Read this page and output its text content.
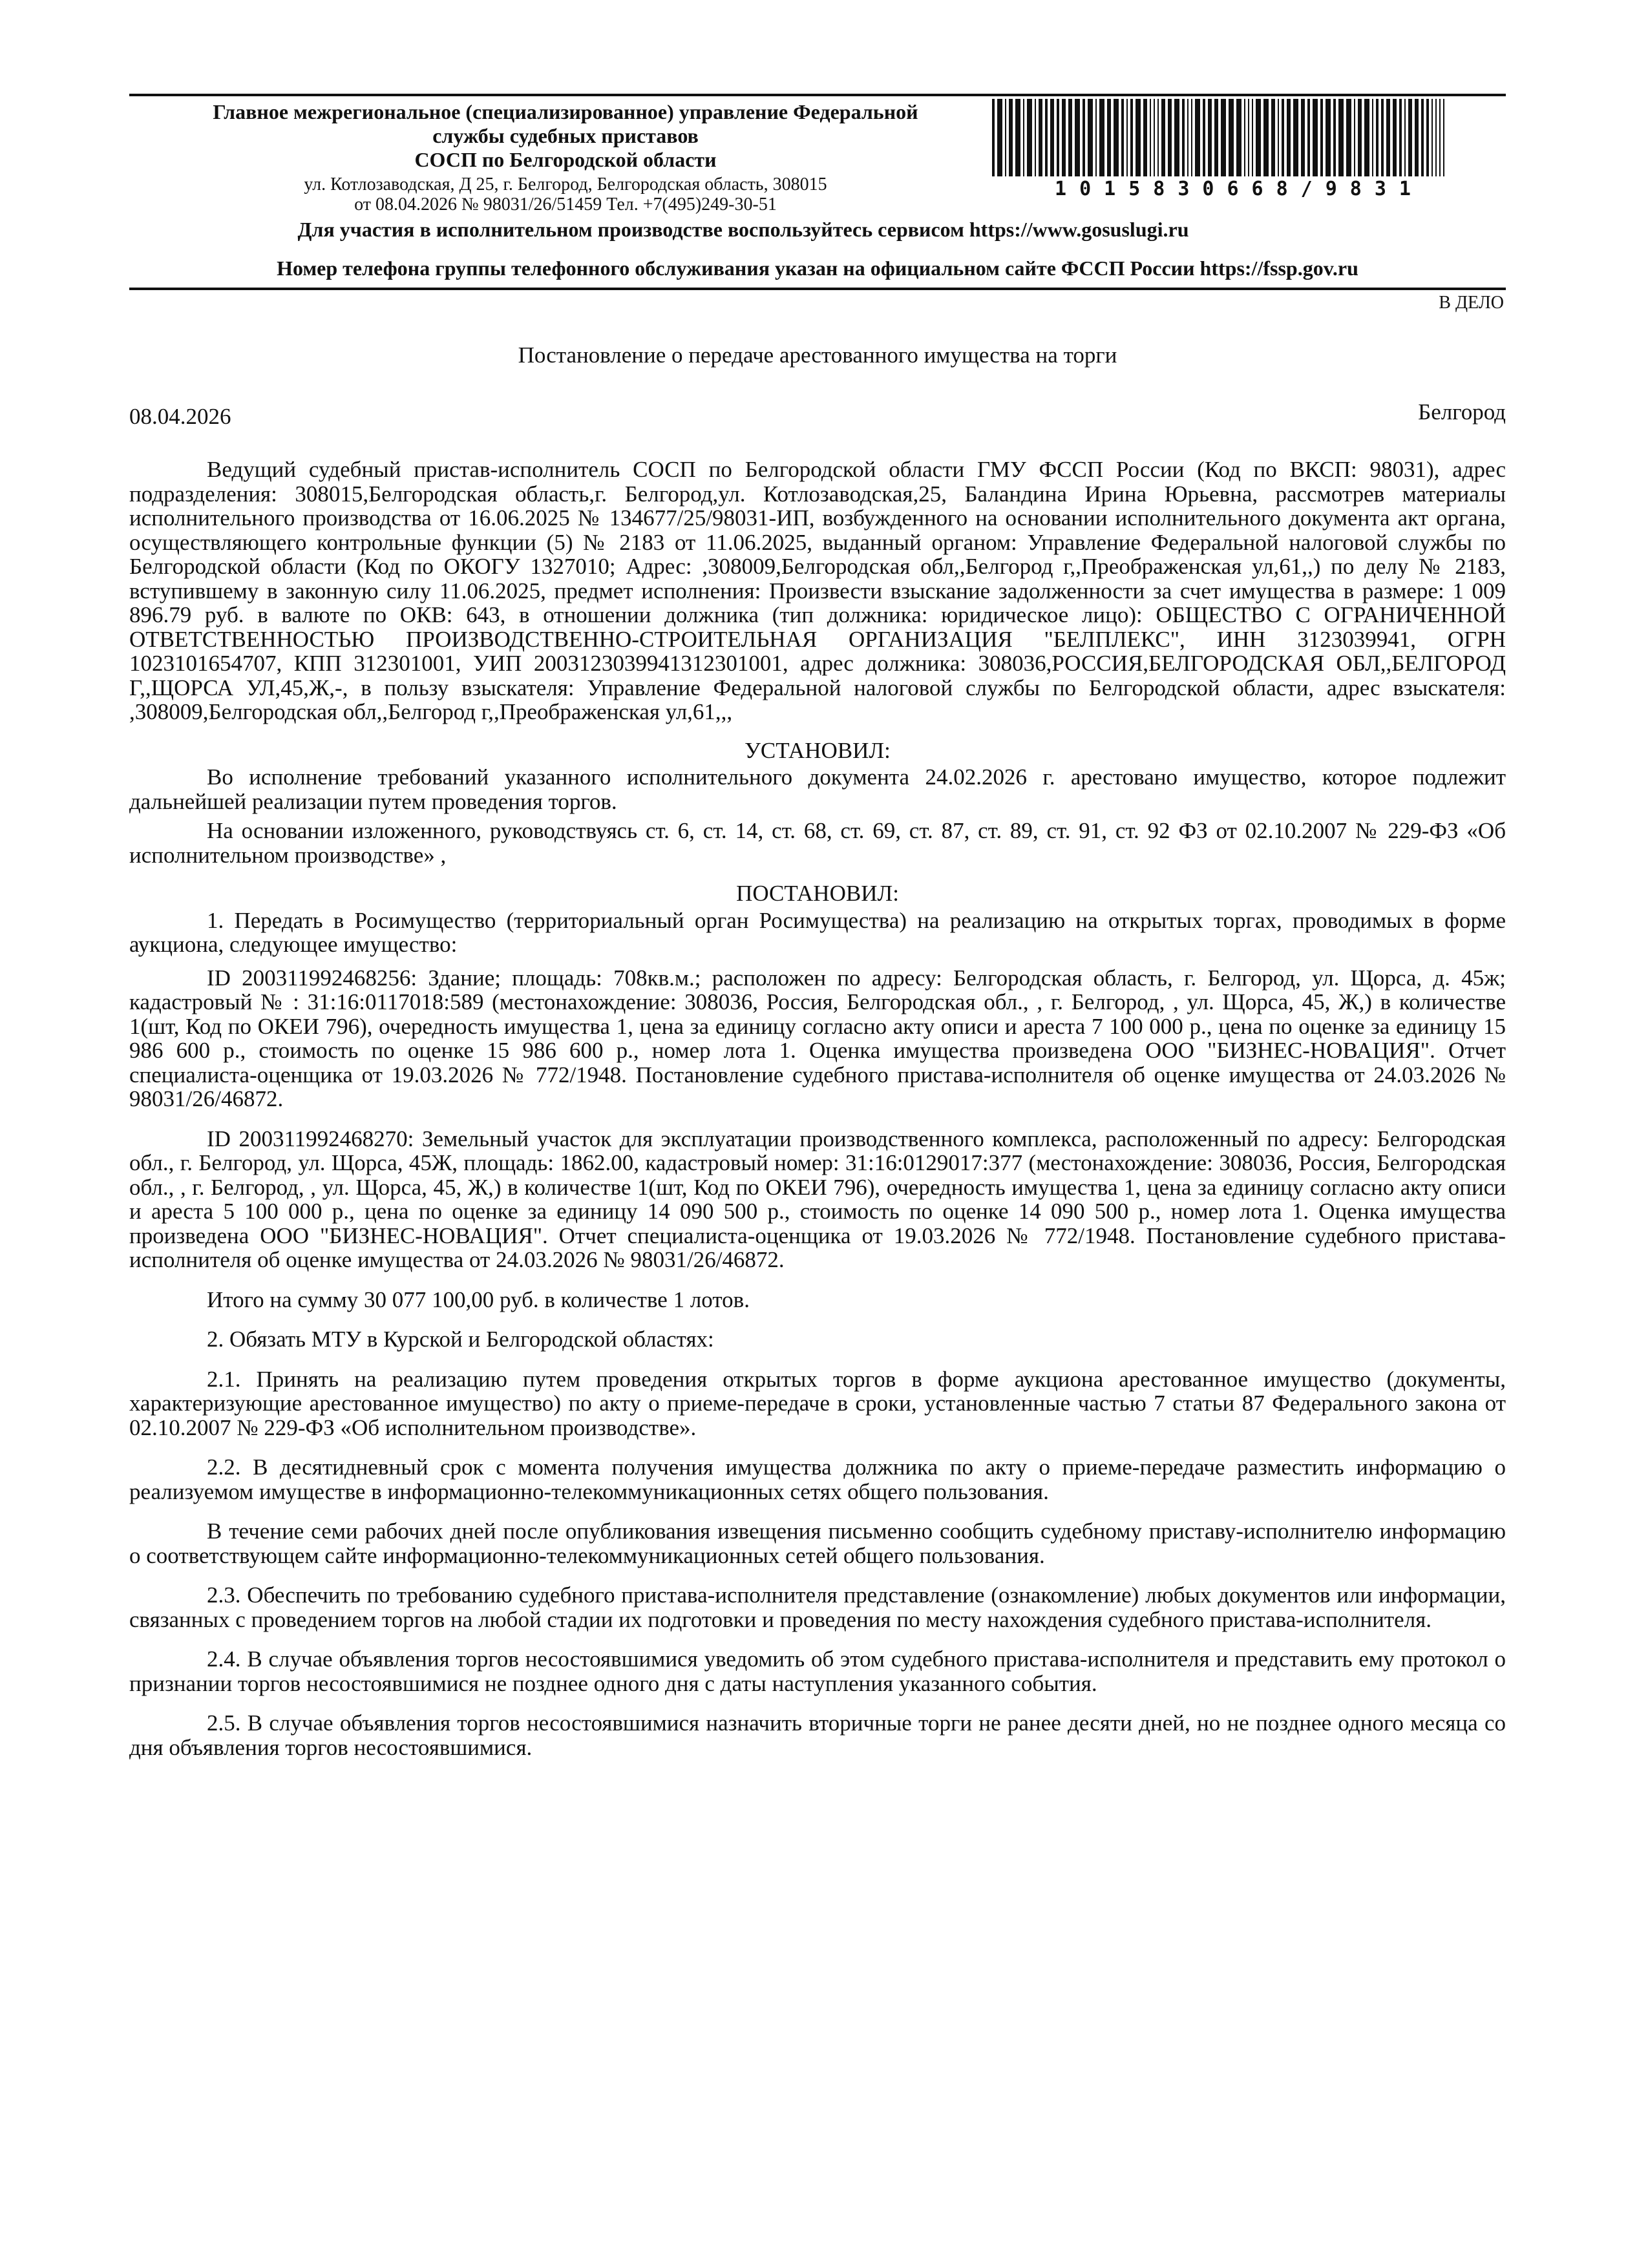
Главное межрегиональное (специализированное) управление Федеральной
службы судебных приставов
СОСП по Белгородской области
ул. Котлозаводская, Д 25, г. Белгород, Белгородская область, 308015
от 08.04.2026 № 98031/26/51459 Тел. +7(495)249-30-51
1015830668/9831
Для участия в исполнительном производстве воспользуйтесь сервисом https://www.gosuslugi.ru
Номер телефона группы телефонного обслуживания указан на официальном сайте ФССП России https://fssp.gov.ru
В ДЕЛО
Постановление о передаче арестованного имущества на торги
08.04.2026	Белгород

Ведущий судебный пристав-исполнитель СОСП по Белгородской области ГМУ ФССП России (Код по ВКСП: 98031), адрес подразделения: 308015,Белгородская область,г. Белгород,ул. Котлозаводская,25, Баландина Ирина Юрьевна, рассмотрев материалы исполнительного производства от 16.06.2025 № 134677/25/98031-ИП, возбужденного на основании исполнительного документа акт органа, осуществляющего контрольные функции (5) № 2183 от 11.06.2025, выданный органом: Управление Федеральной налоговой службы по Белгородской области (Код по ОКОГУ 1327010; Адрес: ,308009,Белгородская обл,,Белгород г,,Преображенская ул,61,,) по делу № 2183, вступившему в законную силу 11.06.2025, предмет исполнения: Произвести взыскание задолженности за счет имущества в размере: 1 009 896.79 руб. в валюте по ОКВ: 643, в отношении должника (тип должника: юридическое лицо): ОБЩЕСТВО С ОГРАНИЧЕННОЙ ОТВЕТСТВЕННОСТЬЮ ПРОИЗВОДСТВЕННО-СТРОИТЕЛЬНАЯ ОРГАНИЗАЦИЯ "БЕЛПЛЕКС", ИНН 3123039941, ОГРН 1023101654707, КПП 312301001, УИП 2003123039941312301001, адрес должника: 308036,РОССИЯ,БЕЛГОРОДСКАЯ ОБЛ,,БЕЛГОРОД Г,,ЩОРСА УЛ,45,Ж,-, в пользу взыскателя: Управление Федеральной налоговой службы по Белгородской области, адрес взыскателя: ,308009,Белгородская обл,,Белгород г,,Преображенская ул,61,,,

УСТАНОВИЛ:

Во исполнение требований указанного исполнительного документа 24.02.2026 г. арестовано имущество, которое подлежит дальнейшей реализации путем проведения торгов.

На основании изложенного, руководствуясь ст. 6, ст. 14, ст. 68, ст. 69, ст. 87, ст. 89, ст. 91, ст. 92 ФЗ от 02.10.2007 № 229-ФЗ «Об исполнительном производстве» ,

ПОСТАНОВИЛ:

1. Передать в Росимущество (территориальный орган Росимущества) на реализацию на открытых торгах, проводимых в форме аукциона, следующее имущество:

ID 200311992468256: Здание; площадь: 708кв.м.; расположен по адресу: Белгородская область, г. Белгород, ул. Щорса, д. 45ж; кадастровый № : 31:16:0117018:589 (местонахождение: 308036, Россия, Белгородская обл., , г. Белгород, , ул. Щорса, 45, Ж,) в количестве 1(шт, Код по ОКЕИ 796), очередность имущества 1, цена за единицу согласно акту описи и ареста 7 100 000 р., цена по оценке за единицу 15 986 600 р., стоимость по оценке 15 986 600 р., номер лота 1. Оценка имущества произведена ООО "БИЗНЕС-НОВАЦИЯ". Отчет специалиста-оценщика от 19.03.2026 № 772/1948. Постановление судебного пристава-исполнителя об оценке имущества от 24.03.2026 № 98031/26/46872.

ID 200311992468270: Земельный участок для эксплуатации производственного комплекса, расположенный по адресу: Белгородская обл., г. Белгород, ул. Щорса, 45Ж, площадь: 1862.00, кадастровый номер: 31:16:0129017:377 (местонахождение: 308036, Россия, Белгородская обл., , г. Белгород, , ул. Щорса, 45, Ж,) в количестве 1(шт, Код по ОКЕИ 796), очередность имущества 1, цена за единицу согласно акту описи и ареста 5 100 000 р., цена по оценке за единицу 14 090 500 р., стоимость по оценке 14 090 500 р., номер лота 1. Оценка имущества произведена ООО "БИЗНЕС-НОВАЦИЯ". Отчет специалиста-оценщика от 19.03.2026 № 772/1948. Постановление судебного пристава-исполнителя об оценке имущества от 24.03.2026 № 98031/26/46872.

Итого на сумму 30 077 100,00 руб. в количестве 1 лотов.

2. Обязать МТУ в Курской и Белгородской областях:

2.1. Принять на реализацию путем проведения открытых торгов в форме аукциона арестованное имущество (документы, характеризующие арестованное имущество) по акту о приеме-передаче в сроки, установленные частью 7 статьи 87 Федерального закона от 02.10.2007 № 229-ФЗ «Об исполнительном производстве».

2.2. В десятидневный срок с момента получения имущества должника по акту о приеме-передаче разместить информацию о реализуемом имуществе в информационно-телекоммуникационных сетях общего пользования.

В течение семи рабочих дней после опубликования извещения письменно сообщить судебному приставу-исполнителю информацию о соответствующем сайте информационно-телекоммуникационных сетей общего пользования.

2.3. Обеспечить по требованию судебного пристава-исполнителя представление (ознакомление) любых документов или информации, связанных с проведением торгов на любой стадии их подготовки и проведения по месту нахождения судебного пристава-исполнителя.

2.4. В случае объявления торгов несостоявшимися уведомить об этом судебного пристава-исполнителя и представить ему протокол о признании торгов несостоявшимися не позднее одного дня с даты наступления указанного события.

2.5. В случае объявления торгов несостоявшимися назначить вторичные торги не ранее десяти дней, но не позднее одного месяца со дня объявления торгов несостоявшимися.
